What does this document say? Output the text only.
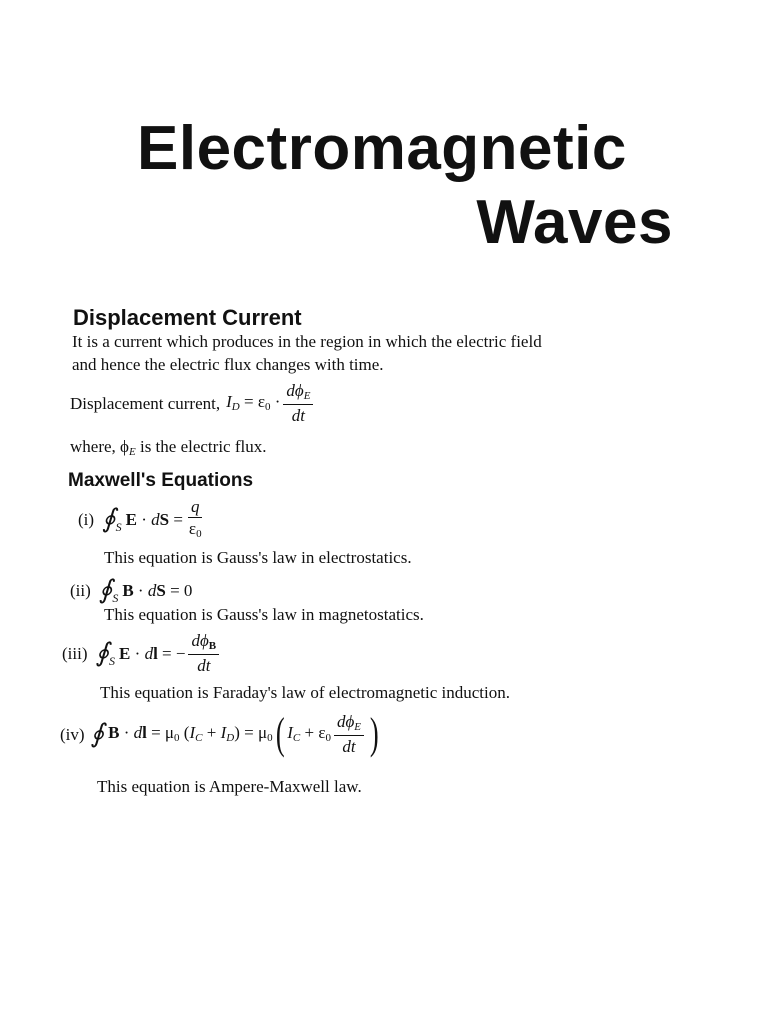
Electromagnetic
Waves
Displacement Current
It is a current which produces in the region in which the electric field
and hence the electric flux changes with time.
Displacement current, $I_D = \varepsilon_0 \cdot \frac{d\phi_E}{dt}$
where, $\phi_E$ is the electric flux.
Maxwell's Equations
(i) ∮ S E · dS = $\frac{q}{\varepsilon_0}$
This equation is Gauss's law in electrostatics.
(ii) ∮ S B · dS = 0
This equation is Gauss's law in magnetostatics.
(iii) ∮ S E · dl = − $\frac{d\phi_B}{dt}$
This equation is Faraday's law of electromagnetic induction.
(iv) ∮ B · dl = $\mu_0$ $(I_C + I_D) = \mu_0$ ( $I_C + \varepsilon_0 \frac{d\phi_E}{dt}$ )
This equation is Ampere-Maxwell law.
